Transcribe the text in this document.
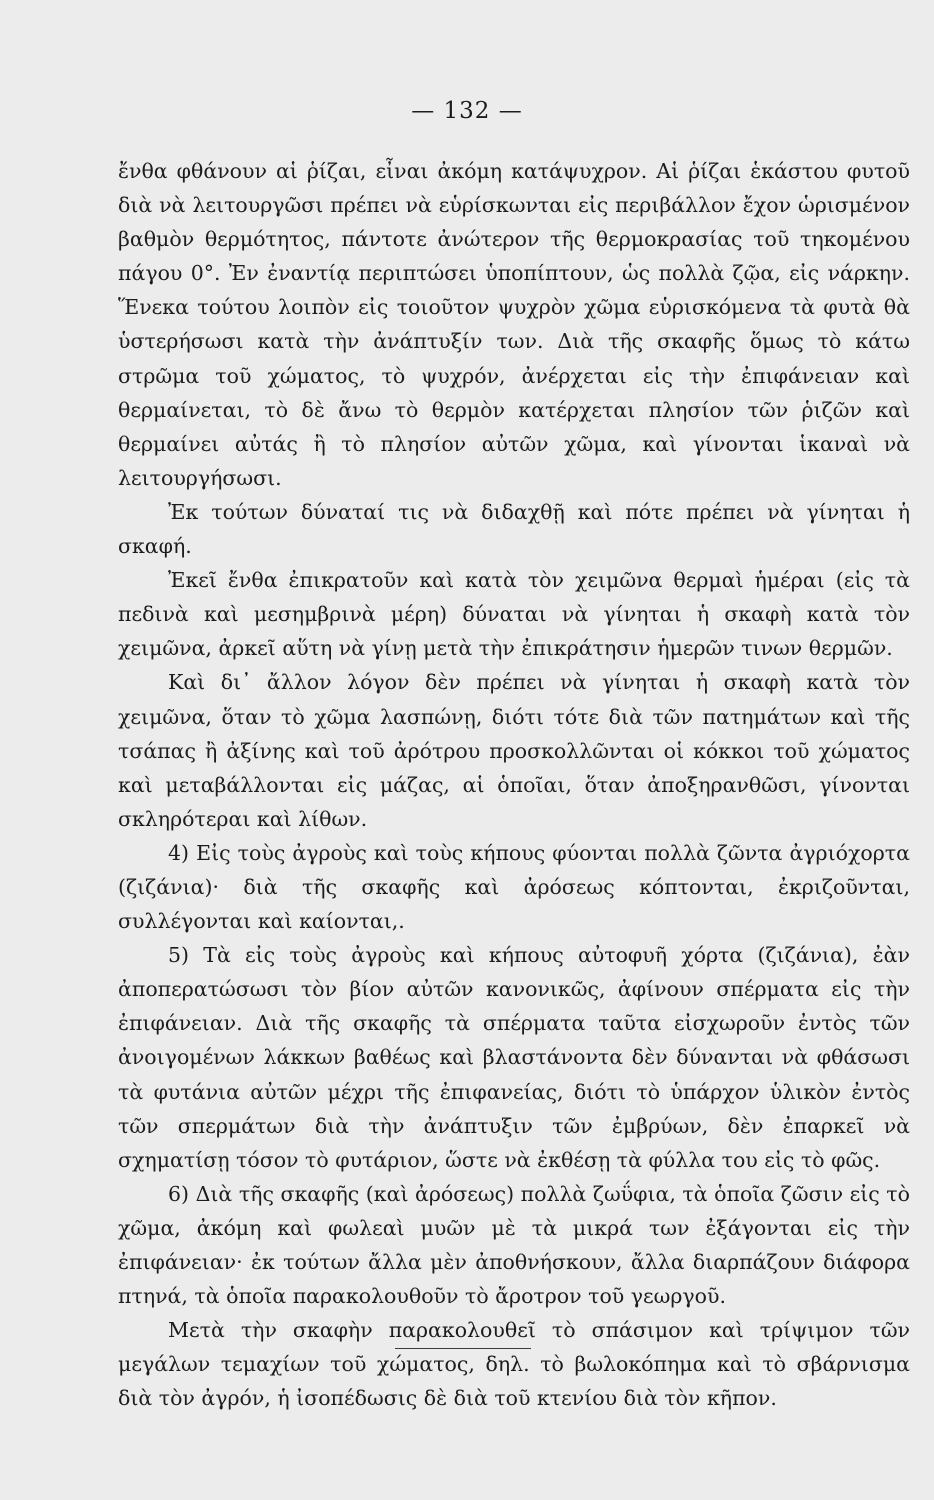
— 132 —

ἔνθα φθάνουν αἱ ῥίζαι, εἶναι ἀκόμη κατάψυχρον. Αἱ ῥίζαι ἑκάστου φυτοῦ διὰ νὰ λειτουργῶσι πρέπει νὰ εὑρίσκωνται εἰς περιβάλλον ἔχον ὡρισμένον βαθμὸν θερμότητος, πάντοτε ἀνώτερον τῆς θερμοκρασίας τοῦ τηκομένου πάγου 0°. Ἐν ἐναντίᾳ περιπτώσει ὑποπίπτουν, ὡς πολλὰ ζῷα, εἰς νάρκην. Ἕνεκα τούτου λοιπὸν εἰς τοιοῦτον ψυχρὸν χῶμα εὑρισκόμενα τὰ φυτὰ θὰ ὑστερήσωσι κατὰ τὴν ἀνάπτυξίν των. Διὰ τῆς σκαφῆς ὅμως τὸ κάτω στρῶμα τοῦ χώματος, τὸ ψυχρόν, ἀνέρχεται εἰς τὴν ἐπιφάνειαν καὶ θερμαίνεται, τὸ δὲ ἄνω τὸ θερμὸν κατέρχεται πλησίον τῶν ῥιζῶν καὶ θερμαίνει αὐτάς ἢ τὸ πλησίον αὐτῶν χῶμα, καὶ γίνονται ἱκαναὶ νὰ λειτουργήσωσι.

Ἐκ τούτων δύναταί τις νὰ διδαχθῇ καὶ πότε πρέπει νὰ γίνηται ἡ σκαφή.

Ἐκεῖ ἔνθα ἐπικρατοῦν καὶ κατὰ τὸν χειμῶνα θερμαὶ ἡμέραι (εἰς τὰ πεδινὰ καὶ μεσημβρινὰ μέρη) δύναται νὰ γίνηται ἡ σκαφὴ κατὰ τὸν χειμῶνα, ἀρκεῖ αὕτη νὰ γίνῃ μετὰ τὴν ἐπικράτησιν ἡμερῶν τινων θερμῶν.

Καὶ δι᾽ ἄλλον λόγον δὲν πρέπει νὰ γίνηται ἡ σκαφὴ κατὰ τὸν χειμῶνα, ὅταν τὸ χῶμα λασπώνῃ, διότι τότε διὰ τῶν πατημάτων καὶ τῆς τσάπας ἢ ἀξίνης καὶ τοῦ ἀρότρου προσκολλῶνται οἱ κόκκοι τοῦ χώματος καὶ μεταβάλλονται εἰς μάζας, αἱ ὁποῖαι, ὅταν ἀποξηρανθῶσι, γίνονται σκληρότεραι καὶ λίθων.

4) Εἰς τοὺς ἀγροὺς καὶ τοὺς κήπους φύονται πολλὰ ζῶντα ἀγριόχορτα (ζιζάνια)· διὰ τῆς σκαφῆς καὶ ἀρόσεως κόπτονται, ἐκριζοῦνται, συλλέγονται καὶ καίονται,.

5) Τὰ εἰς τοὺς ἀγροὺς καὶ κήπους αὐτοφυῆ χόρτα (ζιζάνια), ἐὰν ἀποπερατώσωσι τὸν βίον αὐτῶν κανονικῶς, ἀφίνουν σπέρματα εἰς τὴν ἐπιφάνειαν. Διὰ τῆς σκαφῆς τὰ σπέρματα ταῦτα εἰσχωροῦν ἐντὸς τῶν ἀνοιγομένων λάκκων βαθέως καὶ βλαστάνοντα δὲν δύνανται νὰ φθάσωσι τὰ φυτάνια αὐτῶν μέχρι τῆς ἐπιφανείας, διότι τὸ ὑπάρχον ὑλικὸν ἐντὸς τῶν σπερμάτων διὰ τὴν ἀνάπτυξιν τῶν ἐμβρύων, δὲν ἐπαρκεῖ νὰ σχηματίσῃ τόσον τὸ φυτάριον, ὥστε νὰ ἐκθέσῃ τὰ φύλλα του εἰς τὸ φῶς.

6) Διὰ τῆς σκαφῆς (καὶ ἀρόσεως) πολλὰ ζωΰφια, τὰ ὁποῖα ζῶσιν εἰς τὸ χῶμα, ἀκόμη καὶ φωλεαὶ μυῶν μὲ τὰ μικρά των ἐξάγονται εἰς τὴν ἐπιφάνειαν· ἐκ τούτων ἄλλα μὲν ἀποθνήσκουν, ἄλλα διαρπάζουν διάφορα πτηνά, τὰ ὁποῖα παρακολουθοῦν τὸ ἄροτρον τοῦ γεωργοῦ.

Μετὰ τὴν σκαφὴν παρακολουθεῖ τὸ σπάσιμον καὶ τρίψιμον τῶν μεγάλων τεμαχίων τοῦ χώματος, δηλ. τὸ βωλοκόπημα καὶ τὸ σβάρνισμα διὰ τὸν ἀγρόν, ἡ ἰσοπέδωσις δὲ διὰ τοῦ κτενίου διὰ τὸν κῆπον.
